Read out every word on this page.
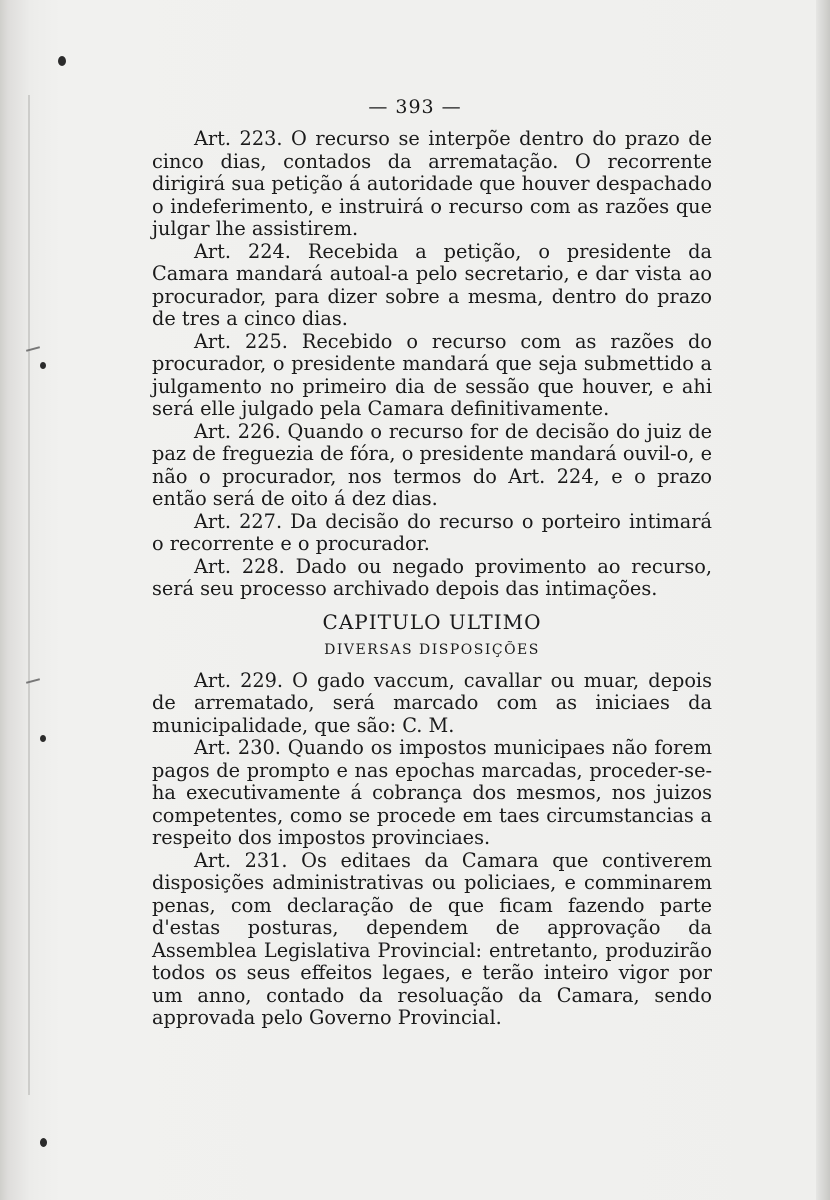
— 393 —

Art. 223. O recurso se interpõe dentro do prazo de cinco dias, contados da arrematação. O recorrente dirigirá sua petição á autoridade que houver despachado o indeferimento, e instruirá o recurso com as razões que julgar lhe assistirem.

Art. 224. Recebida a petição, o presidente da Camara mandará autoal-a pelo secretario, e dar vista ao procurador, para dizer sobre a mesma, dentro do prazo de tres a cinco dias.

Art. 225. Recebido o recurso com as razões do procurador, o presidente mandará que seja submettido a julgamento no primeiro dia de sessão que houver, e ahi será elle julgado pela Camara definitivamente.

Art. 226. Quando o recurso for de decisão do juiz de paz de freguezia de fóra, o presidente mandará ouvil-o, e não o procurador, nos termos do Art. 224, e o prazo então será de oito á dez dias.

Art. 227. Da decisão do recurso o porteiro intimará o recorrente e o procurador.

Art. 228. Dado ou negado provimento ao recurso, será seu processo archivado depois das intimações.

CAPITULO ULTIMO
DIVERSAS DISPOSIÇÕES

Art. 229. O gado vaccum, cavallar ou muar, depois de arrematado, será marcado com as iniciaes da municipalidade, que são: C. M.

Art. 230. Quando os impostos municipaes não forem pagos de prompto e nas epochas marcadas, proceder-se-ha executivamente á cobrança dos mesmos, nos juizos competentes, como se procede em taes circumstancias a respeito dos impostos provinciaes.

Art. 231. Os editaes da Camara que contiverem disposições administrativas ou policiaes, e comminarem penas, com declaração de que ficam fazendo parte d'estas posturas, dependem de approvação da Assemblea Legislativa Provincial: entretanto, produzirão todos os seus effeitos legaes, e terão inteiro vigor por um anno, contado da resoluação da Camara, sendo approvada pelo Governo Provincial.
